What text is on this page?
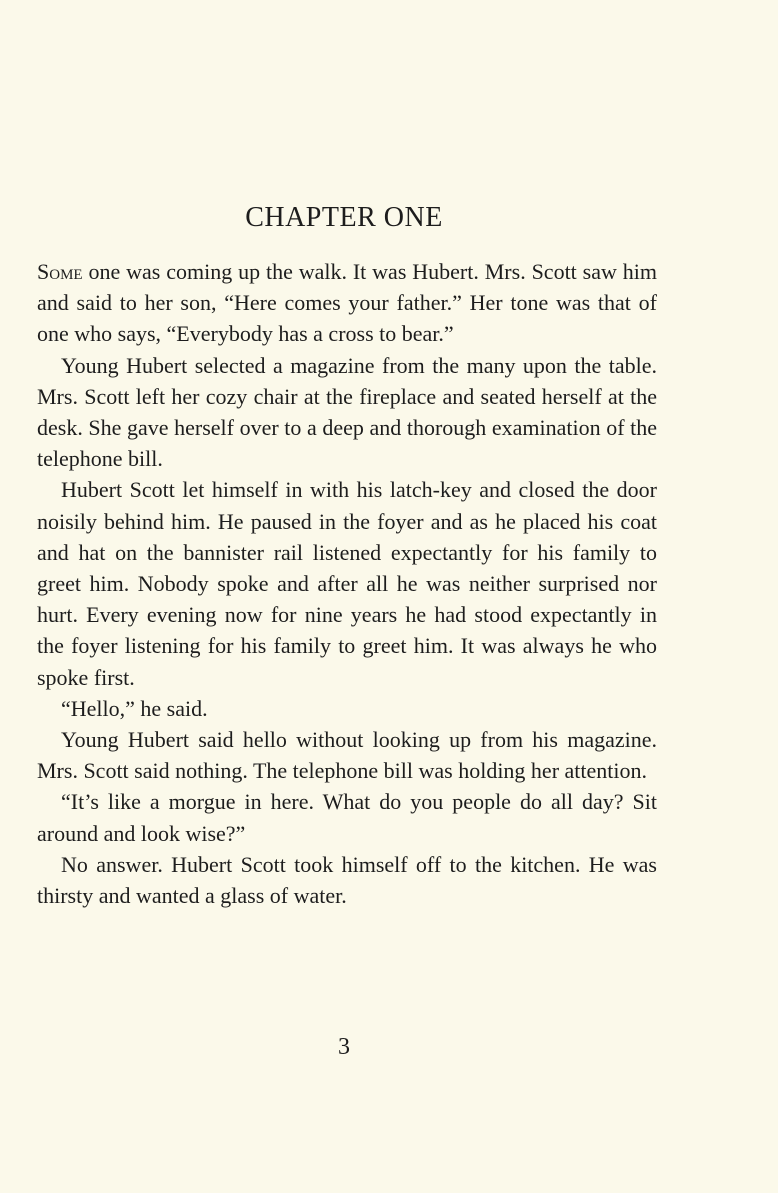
CHAPTER ONE

Some one was coming up the walk. It was Hubert. Mrs. Scott saw him and said to her son, “Here comes your father.” Her tone was that of one who says, “Everybody has a cross to bear.”

Young Hubert selected a magazine from the many upon the table. Mrs. Scott left her cozy chair at the fireplace and seated herself at the desk. She gave herself over to a deep and thorough examination of the telephone bill.

Hubert Scott let himself in with his latch-key and closed the door noisily behind him. He paused in the foyer and as he placed his coat and hat on the bannister rail listened expectantly for his family to greet him. Nobody spoke and after all he was neither surprised nor hurt. Every evening now for nine years he had stood expectantly in the foyer listening for his family to greet him. It was always he who spoke first.

“Hello,” he said.

Young Hubert said hello without looking up from his magazine. Mrs. Scott said nothing. The telephone bill was holding her attention.

“It’s like a morgue in here. What do you people do all day? Sit around and look wise?”

No answer. Hubert Scott took himself off to the kitchen. He was thirsty and wanted a glass of water.

3
